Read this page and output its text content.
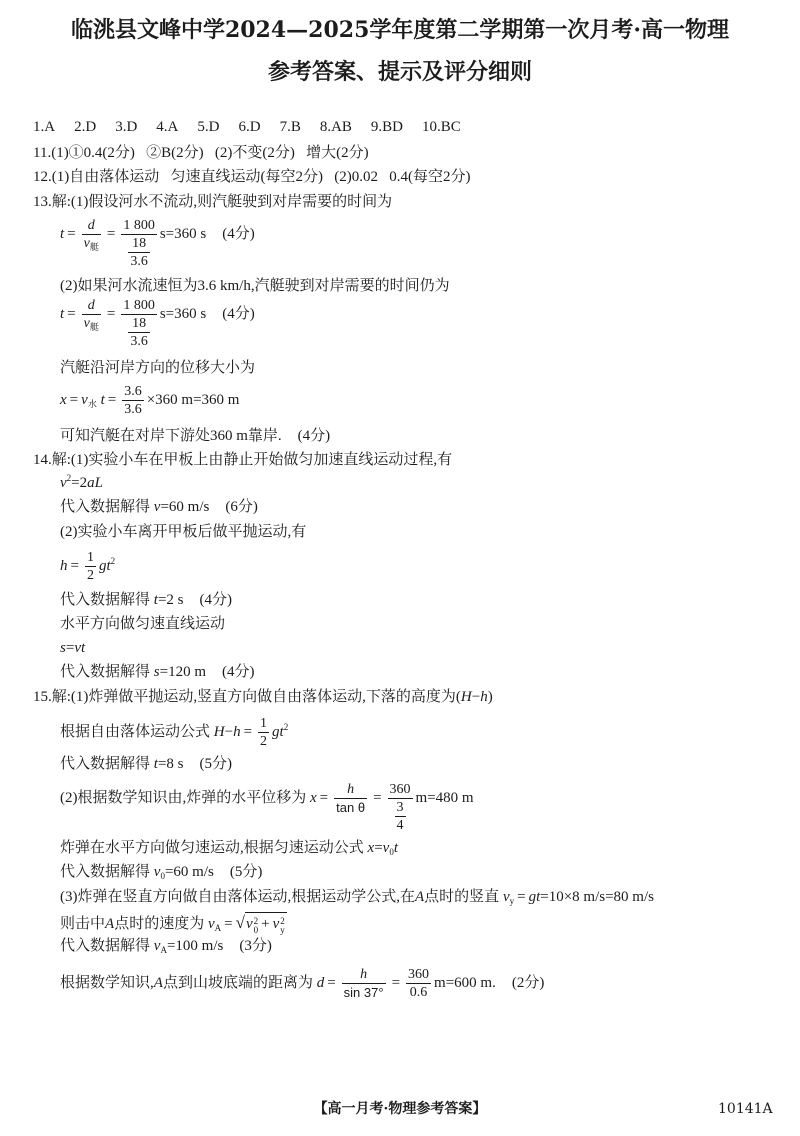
临洮县文峰中学2024—2025学年度第二学期第一次月考·高一物理
参考答案、提示及评分细则
1.A 2.D 3.D 4.A 5.D 6.D 7.B 8.AB 9.BD 10.BC
11.(1)①0.4(2分)   ②B(2分)   (2)不变(2分)   增大(2分)
12.(1)自由落体运动   匀速直线运动(每空2分)   (2)0.02   0.4(每空2分)
13.解:(1)假设河水不流动,则汽艇驶到对岸需要的时间为
$t = \frac{d}{\text{v 艇}} = \frac{1 800}{\frac{18}{3.6}} s=360$ s (4分)
(2)如果河水流速恒为3.6 km/h,汽艇驶到对岸需要的时间仍为
$t = \frac{d}{\text{v 艇}} = \frac{1 800}{\frac{18}{3.6}} s=360$ s (4分)
汽艇沿河岸方向的位移大小为
x = v 水 $t = \frac{3.6}{3.6} \times 360$ m=360 m
可知汽艇在对岸下游处360 m靠岸. (4分)
14.解:(1)实验小车在甲板上由静止开始做匀加速直线运动过程,有
v 2 =2 aL
代入数据解得 v =60 m/s (6分)
(2)实验小车离开甲板后做平抛运动,有
$h = \frac{1}{2}$ gt 2
代入数据解得 t =2 s (4分)
水平方向做匀速直线运动
s = vt
代入数据解得 s =120 m (4分)
15.解:(1)炸弹做平抛运动,竖直方向做自由落体运动,下落的高度为( H − h )
根据自由落体运动公式 $H - h = \frac{1}{2}$ gt 2
代入数据解得 t =8 s (5分)
(2)根据数学知识由,炸弹的水平位移为 $x = \frac{h}{\text{tan θ}} = \frac{360}{\frac{3}{4}} m=480$ m
炸弹在水平方向做匀速运动,根据匀速运动公式 x = v 0 t
代入数据解得 v 0 =60 m/s (5分)
(3)炸弹在竖直方向做自由落体运动,根据运动学公式,在 A 点时的竖直 v y = gt =10×8 m/s=80 m/s
则击中 A 点时的速度为 v A = √ v 2
0 + v 2
y
代入数据解得 v A =100 m/s (3分)
根据数学知识, A 点到山坡底端的距离为 $d = \frac{h}{\sin 37^\circ} = \frac{360}{0.6} m=600$ m. (2分)
【高一月考·物理参考答案】	10141A
